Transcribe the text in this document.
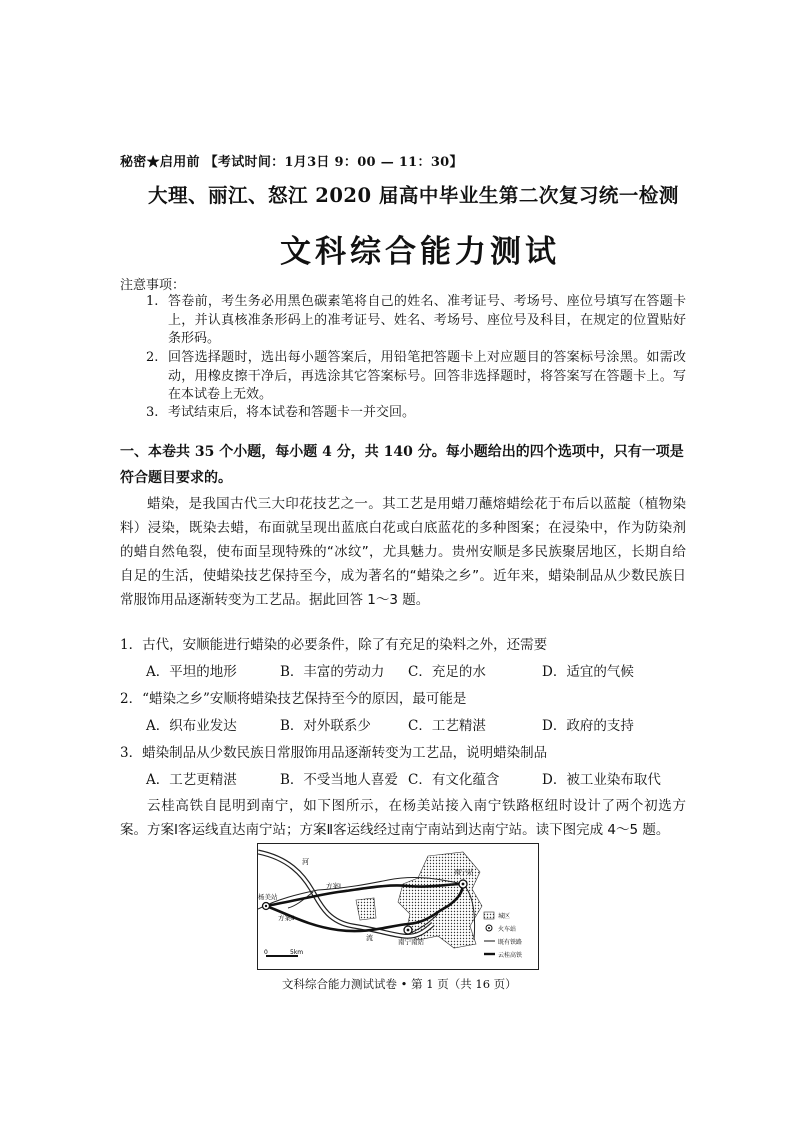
秘密★启用前 【考试时间：1月3日 9：00 — 11：30】
大理、丽江、怒江 2020 届高中毕业生第二次复习统一检测
文科综合能力测试
注意事项：
1. 答卷前，考生务必用黑色碳素笔将自己的姓名、准考证号、考场号、座位号填写在答题卡上，并认真核准条形码上的准考证号、姓名、考场号、座位号及科目，在规定的位置贴好条形码。
2. 回答选择题时，选出每小题答案后，用铅笔把答题卡上对应题目的答案标号涂黑。如需改动，用橡皮擦干净后，再选涂其它答案标号。回答非选择题时，将答案写在答题卡上。写在本试卷上无效。
3. 考试结束后，将本试卷和答题卡一并交回。
一、本卷共 35 个小题，每小题 4 分，共 140 分。每小题给出的四个选项中，只有一项是符合题目要求的。
蜡染，是我国古代三大印花技艺之一。其工艺是用蜡刀蘸熔蜡绘花于布后以蓝靛（植物染料）浸染，既染去蜡，布面就呈现出蓝底白花或白底蓝花的多种图案；在浸染中，作为防染剂的蜡自然龟裂，使布面呈现特殊的“冰纹”，尤具魅力。贵州安顺是多民族聚居地区，长期自给自足的生活，使蜡染技艺保持至今，成为著名的“蜡染之乡”。近年来，蜡染制品从少数民族日常服饰用品逐渐转变为工艺品。据此回答 1～3 题。
1．古代，安顺能进行蜡染的必要条件，除了有充足的染料之外，还需要
A．平坦的地形	B．丰富的劳动力 C．充足的水	D．适宜的气候
2．“蜡染之乡”安顺将蜡染技艺保持至今的原因，最可能是
A．织布业发达	B．对外联系少	C．工艺精湛	D．政府的支持
3．蜡染制品从少数民族日常服饰用品逐渐转变为工艺品，说明蜡染制品
A．工艺更精湛	B．不受当地人喜爱 C．有文化蕴含	D．被工业染布取代
云桂高铁自昆明到南宁，如下图所示，在杨美站接入南宁铁路枢纽时设计了两个初选方案。方案Ⅰ客运线直达南宁站；方案Ⅱ客运线经过南宁南站到达南宁站。读下图完成 4～5 题。
河
流
方案Ⅰ
方案Ⅱ
杨美站
南宁站
南宁南站
0	5km
城区
火车站
既有铁路
云桂高铁
文科综合能力测试试卷 • 第 1 页（共 16 页）
